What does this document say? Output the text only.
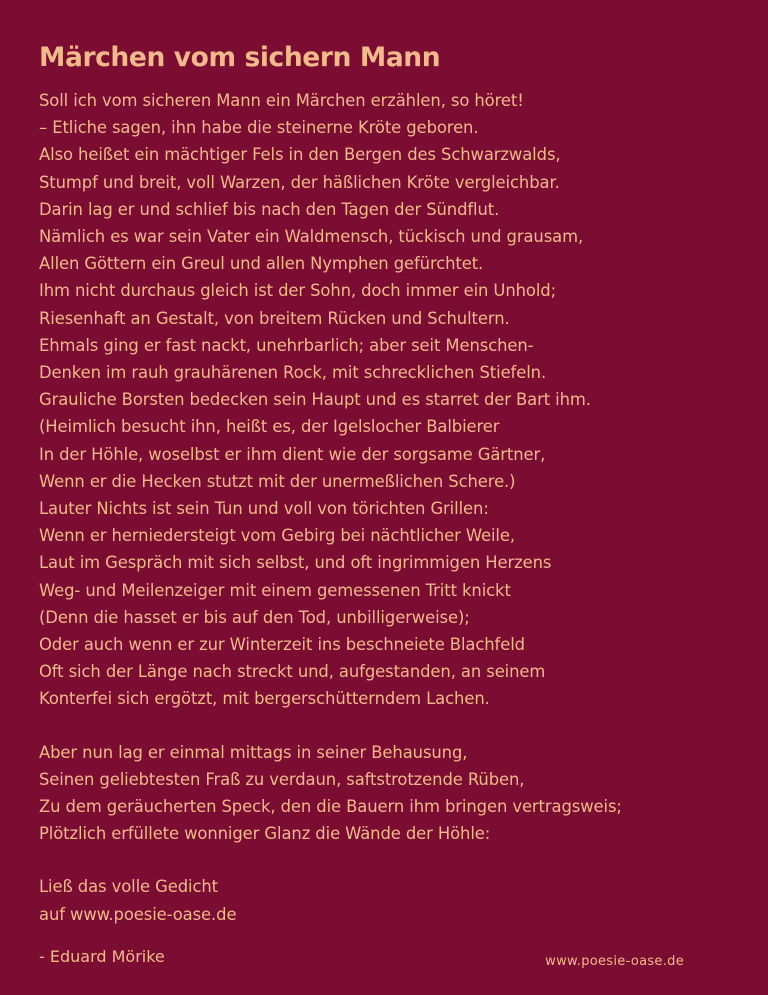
Märchen vom sichern Mann
Soll ich vom sicheren Mann ein Märchen erzählen, so höret!
– Etliche sagen, ihn habe die steinerne Kröte geboren.
Also heißet ein mächtiger Fels in den Bergen des Schwarzwalds,
Stumpf und breit, voll Warzen, der häßlichen Kröte vergleichbar.
Darin lag er und schlief bis nach den Tagen der Sündflut.
Nämlich es war sein Vater ein Waldmensch, tückisch und grausam,
Allen Göttern ein Greul und allen Nymphen gefürchtet.
Ihm nicht durchaus gleich ist der Sohn, doch immer ein Unhold;
Riesenhaft an Gestalt, von breitem Rücken und Schultern.
Ehmals ging er fast nackt, unehrbarlich; aber seit Menschen-
Denken im rauh grauhärenen Rock, mit schrecklichen Stiefeln.
Grauliche Borsten bedecken sein Haupt und es starret der Bart ihm.
(Heimlich besucht ihn, heißt es, der Igelslocher Balbierer
In der Höhle, woselbst er ihm dient wie der sorgsame Gärtner,
Wenn er die Hecken stutzt mit der unermeßlichen Schere.)
Lauter Nichts ist sein Tun und voll von törichten Grillen:
Wenn er herniedersteigt vom Gebirg bei nächtlicher Weile,
Laut im Gespräch mit sich selbst, und oft ingrimmigen Herzens
Weg- und Meilenzeiger mit einem gemessenen Tritt knickt
(Denn die hasset er bis auf den Tod, unbilligerweise);
Oder auch wenn er zur Winterzeit ins beschneiete Blachfeld
Oft sich der Länge nach streckt und, aufgestanden, an seinem
Konterfei sich ergötzt, mit bergerschütterndem Lachen.
Aber nun lag er einmal mittags in seiner Behausung,
Seinen geliebtesten Fraß zu verdaun, saftstrotzende Rüben,
Zu dem geräucherten Speck, den die Bauern ihm bringen vertragsweis;
Plötzlich erfüllete wonniger Glanz die Wände der Höhle:
Ließ das volle Gedicht
auf www.poesie-oase.de
- Eduard Mörike	www.poesie-oase.de
